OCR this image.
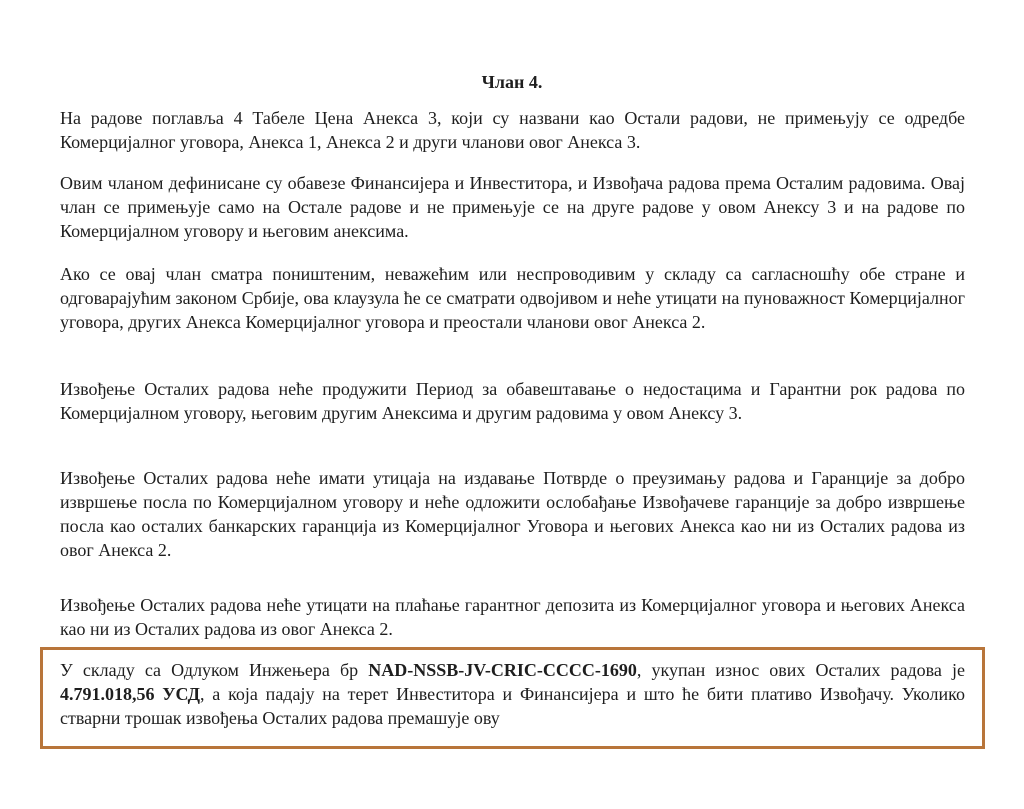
Члан 4.

На радове поглавља 4 Табеле Цена Анекса 3, који су названи као Остали радови, не примењују се одредбе Комерцијалног уговора, Анекса 1, Анекса 2 и други чланови овог Анекса 3.

Овим чланом дефинисане су обавезе Финансијера и Инвеститора, и Извођача радова према Осталим радовима. Овај члан се примењује само на Остале радове и не примењује се на друге радове у овом Анексу 3 и на радове по Комерцијалном уговору и његовим анексима.

Ако се овај члан сматра поништеним, неважећим или неспроводивим у складу са сагласношћу обе стране и одговарајућим законом Србије, ова клаузула ће се сматрати одвојивом и неће утицати на пуноважност Комерцијалног уговора, других Анекса Комерцијалног уговора и преостали чланови овог Анекса 2.

Извођење Осталих радова неће продужити Период за обавештавање о недостацима и Гарантни рок радова по Комерцијалном уговору, његовим другим Анексима и другим радовима у овом Анексу 3.

Извођење Осталих радова неће имати утицаја на издавање Потврде о преузимању радова и Гаранције за добро извршење посла по Комерцијалном уговору и неће одложити ослобађање Извођачеве гаранције за добро извршење посла као осталих банкарских гаранција из Комерцијалног Уговора и његових Анекса као ни из Осталих радова из овог Анекса 2.

Извођење Осталих радова неће утицати на плаћање гарантног депозита из Комерцијалног уговора и његових Анекса као ни из Осталих радова из овог Анекса 2.

У складу са Одлуком Инжењера бр NAD-NSSB-JV-CRIC-CCCC-1690, укупан износ ових Осталих радова је 4.791.018,56 УСД, а која падају на терет Инвеститора и Финансијера и што ће бити плативо Извођачу. Уколико стварни трошак извођења Осталих радова премашује ову
